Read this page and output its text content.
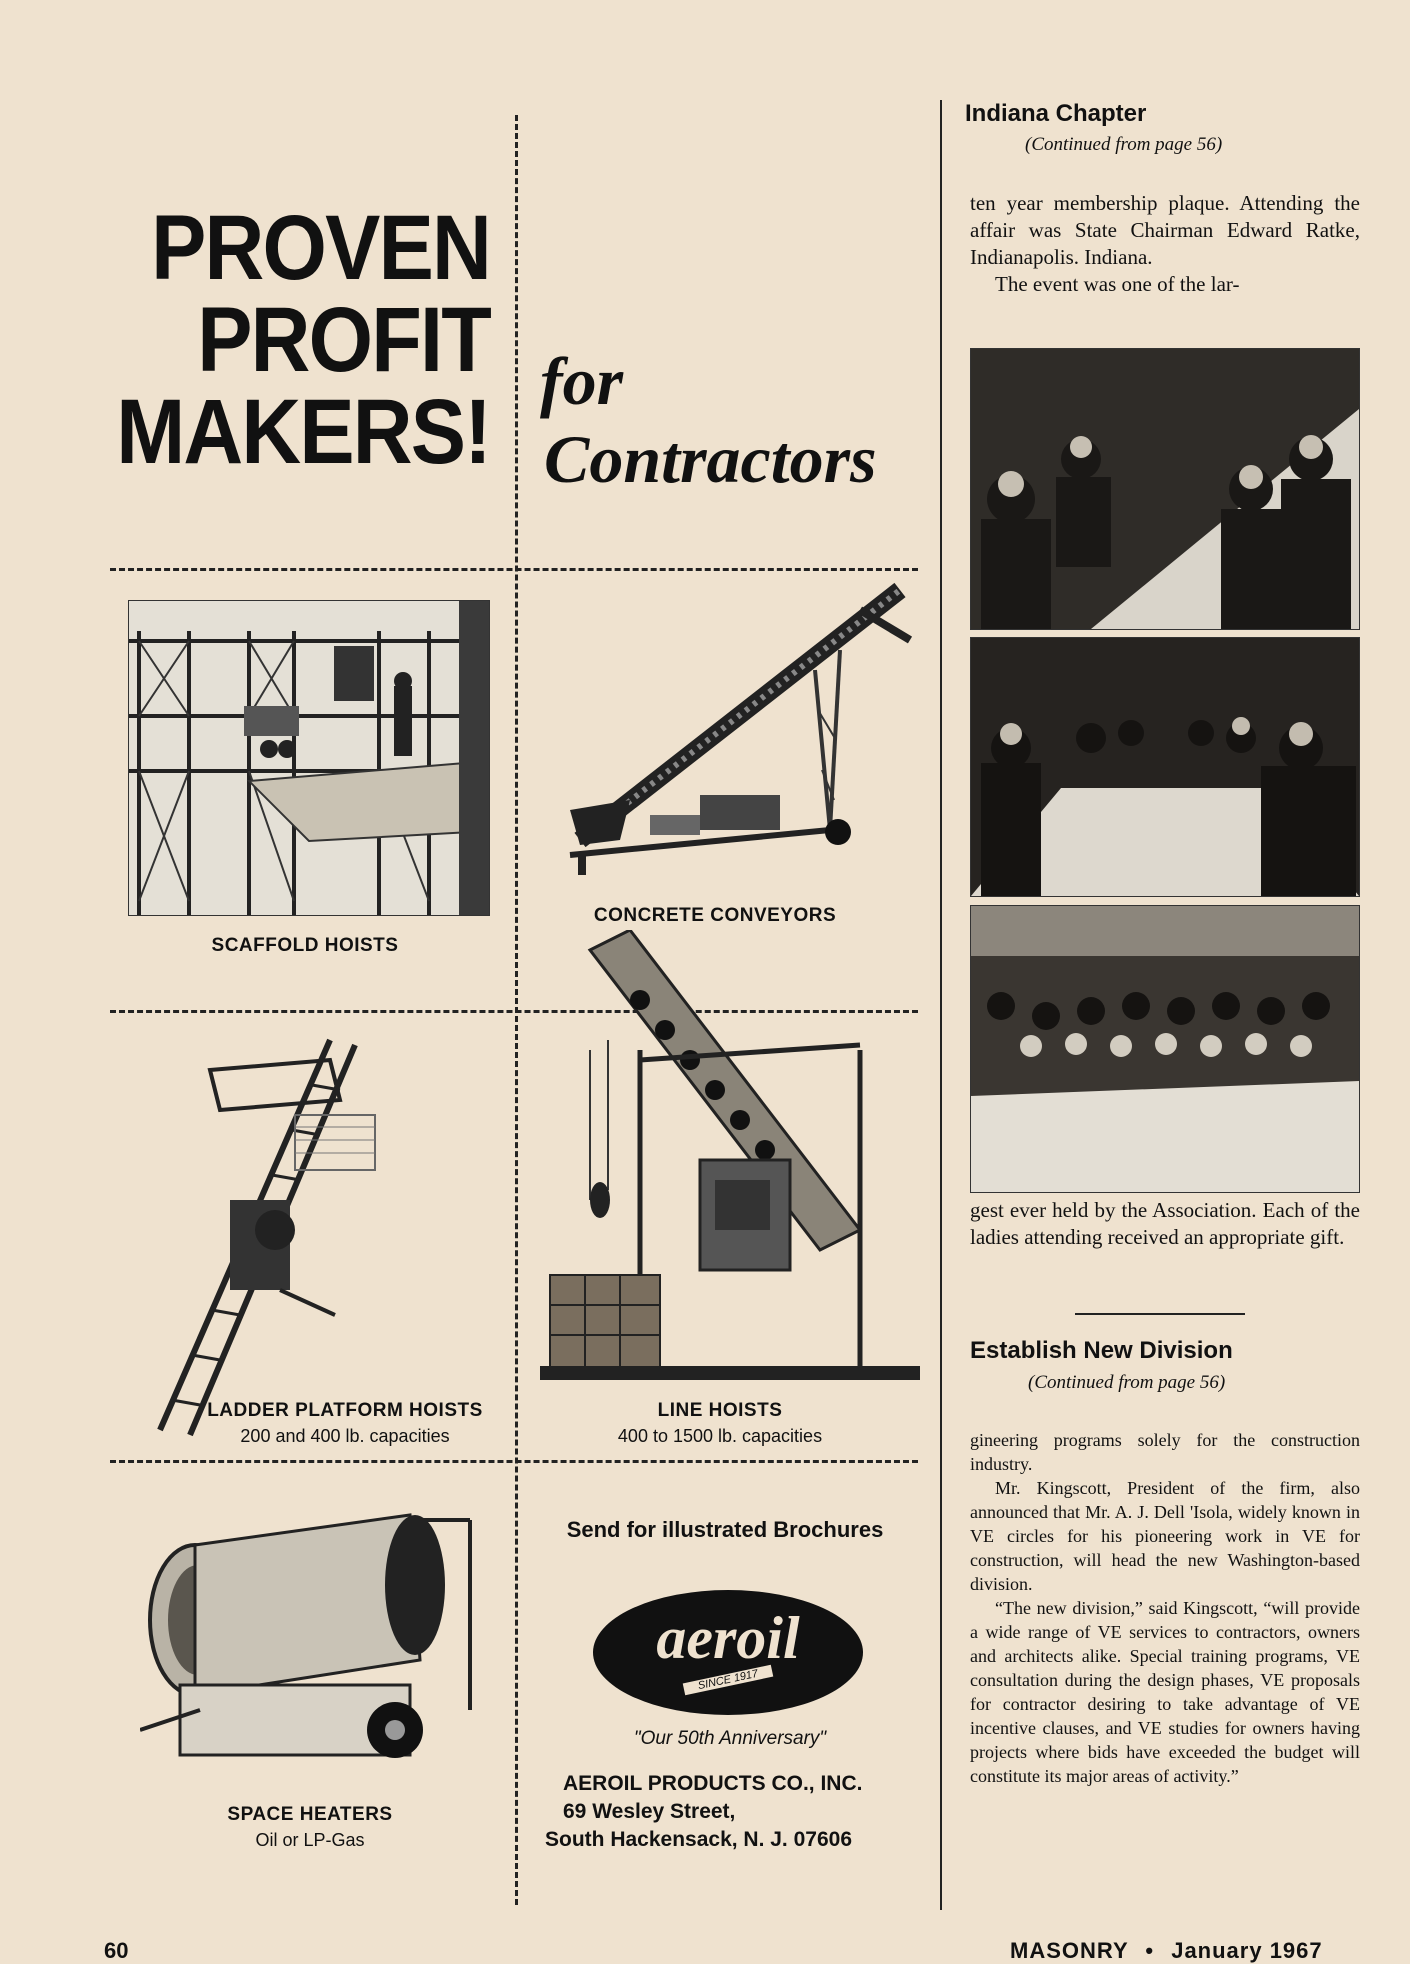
PROVEN
PROFIT
MAKERS! for
Contractors
SCAFFOLD HOISTS
CONCRETE CONVEYORS
LADDER PLATFORM HOISTS
200 and 400 lb. capacities
LINE HOISTS
400 to 1500 lb. capacities
SPACE HEATERS
Oil or LP-Gas
Send for illustrated Brochures
aeroil
SINCE 1917
"Our 50th Anniversary"
AEROIL PRODUCTS CO., INC.
69 Wesley Street,
South Hackensack, N. J. 07606
Indiana Chapter
(Continued from page 56)

ten year membership plaque. Attending the affair was State Chairman Edward Ratke, Indianapolis. Indiana.

The event was one of the lar-

gest ever held by the Association. Each of the ladies attending received an appropriate gift.
Establish New Division
(Continued from page 56)

gineering programs solely for the construction industry.

Mr. Kingscott, President of the firm, also announced that Mr. A. J. Dell 'Isola, widely known in VE circles for his pioneering work in VE for construction, will head the new Washington-based division.

“The new division,” said Kingscott, “will provide a wide range of VE services to contractors, owners and architects alike. Special training programs, VE consultation during the design phases, VE proposals for contractor desiring to take advantage of VE incentive clauses, and VE studies for owners having projects where bids have exceeded the budget will constitute its major areas of activity.”

60	MASONRY • January 1967
